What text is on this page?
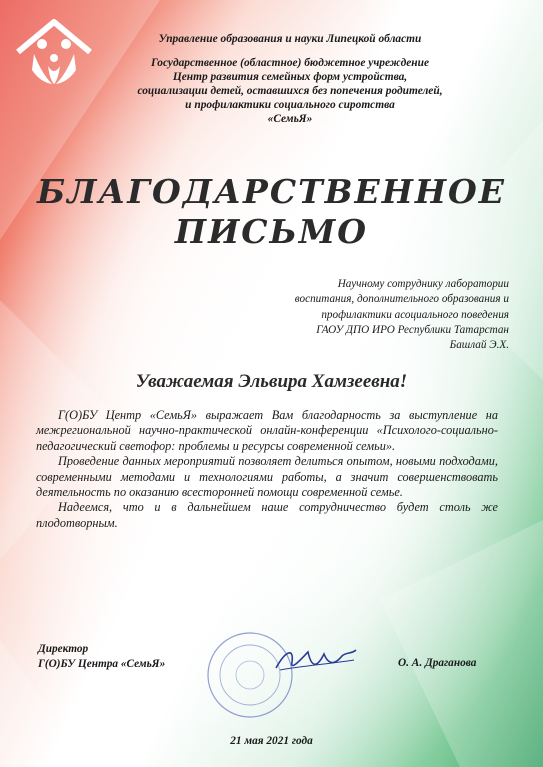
Управление образования и науки Липецкой области
Государственное (областное) бюджетное учреждение
Центр развития семейных форм устройства,
социализации детей, оставшихся без попечения родителей,
и профилактики социального сиротства
«СемьЯ»
БЛАГОДАРСТВЕННОЕ
ПИСЬМО
Научному сотруднику лаборатории
воспитания, дополнительного образования и
профилактики асоциального поведения
ГАОУ ДПО ИРО Республики Татарстан
Башлай Э.Х.
Уважаемая Эльвира Хамзеевна!

Г(О)БУ Центр «СемьЯ» выражает Вам благодарность за выступление на межрегиональной научно-практической онлайн-конференции «Психолого-социально-педагогический светофор: проблемы и ресурсы современной семьи».

Проведение данных мероприятий позволяет делиться опытом, новыми подходами, современными методами и технологиями работы, а значит совершенствовать деятельность по оказанию всесторонней помощи современной семье.

Надеемся, что и в дальнейшем наше сотрудничество будет столь же плодотворным.

Директор
Г(О)БУ Центра «СемьЯ»	О. А. Драганова
21 мая 2021 года
